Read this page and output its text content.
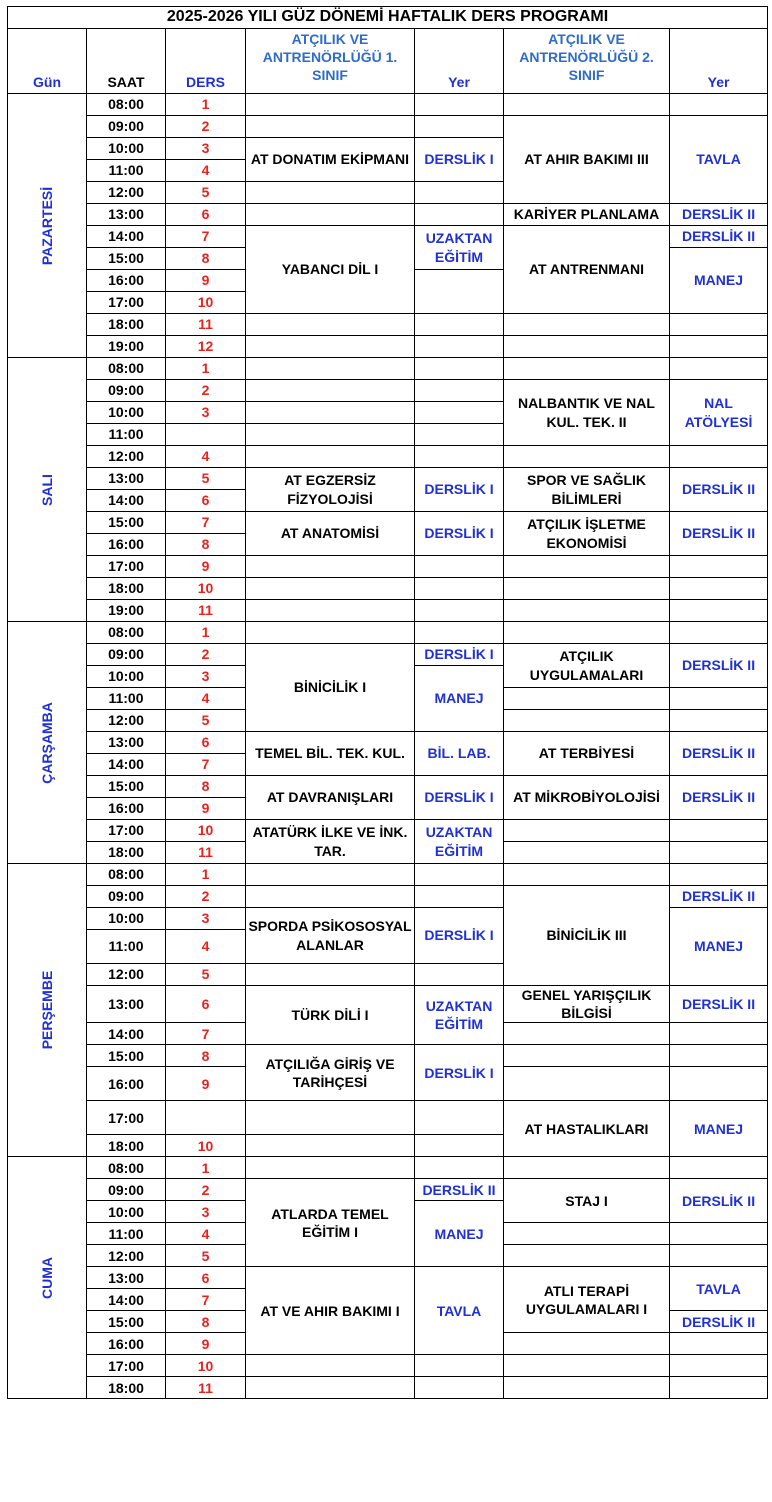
2025-2026 YILI GÜZ DÖNEMİ HAFTALIK DERS PROGRAMI						
Gün	SAAT	DERS	ATÇILIK VE ANTRENÖRLÜĞÜ 1. SINIF	Yer	ATÇILIK VE ANTRENÖRLÜĞÜ 2. SINIF	Yer

PAZARTESİ	08:00	1				
	09:00	2			AT AHIR BAKIMI III	TAVLA
	10:00	3	AT DONATIM EKİPMANI	DERSLİK I		
	11:00	4				
	12:00	5				
	13:00	6			KARİYER PLANLAMA	DERSLİK II
	14:00	7	YABANCI DİL I	UZAKTAN EĞİTİM	AT ANTRENMANI	DERSLİK II
	15:00	8				MANEJ
	16:00	9				
	17:00	10				
	18:00	11				
	19:00	12				

SALI	08:00	1				
	09:00	2			NALBANTIK VE NAL KUL. TEK. II	NAL ATÖLYESİ
	10:00	3				
	11:00					
	12:00	4				
	13:00	5	AT EGZERSİZ FİZYOLOJİSİ	DERSLİK I	SPOR VE SAĞLIK BİLİMLERİ	DERSLİK II
	14:00	6				
	15:00	7	AT ANATOMİSİ	DERSLİK I	ATÇILIK İŞLETME EKONOMİSİ	DERSLİK II
	16:00	8				
	17:00	9				
	18:00	10				
	19:00	11				

ÇARŞAMBA	08:00	1				
	09:00	2	BİNİCİLİK I	DERSLİK I	ATÇILIK UYGULAMALARI	DERSLİK II
	10:00	3		MANEJ		
	11:00	4				
	12:00	5				
	13:00	6	TEMEL BİL. TEK. KUL.	BİL. LAB.	AT TERBİYESİ	DERSLİK II
	14:00	7				
	15:00	8	AT DAVRANIŞLARI	DERSLİK I	AT MİKROBİYOLOJİSİ	DERSLİK II
	16:00	9				
	17:00	10	ATATÜRK İLKE VE İNK. TAR.	UZAKTAN EĞİTİM		
	18:00	11				

PERŞEMBE	08:00	1				
	09:00	2			BİNİCİLİK III	DERSLİK II
	10:00	3	SPORDA PSİKOSOSYAL ALANLAR	DERSLİK I		MANEJ
	11:00	4				
	12:00	5				
	13:00	6	TÜRK DİLİ I	UZAKTAN EĞİTİM	GENEL YARIŞÇILIK BİLGİSİ	DERSLİK II
	14:00	7				
	15:00	8	ATÇILIĞA GİRİŞ VE TARİHÇESİ	DERSLİK I		
	16:00	9				
	17:00				AT HASTALIKLARI	MANEJ
	18:00	10				

CUMA	08:00	1				
	09:00	2	ATLARDA TEMEL EĞİTİM I	DERSLİK II	STAJ I	DERSLİK II
	10:00	3		MANEJ		
	11:00	4				
	12:00	5				
	13:00	6	AT VE AHIR BAKIMI I	TAVLA	ATLI TERAPİ UYGULAMALARI I	TAVLA
	14:00	7				
	15:00	8				DERSLİK II
	16:00	9				
	17:00	10				
	18:00	11				
